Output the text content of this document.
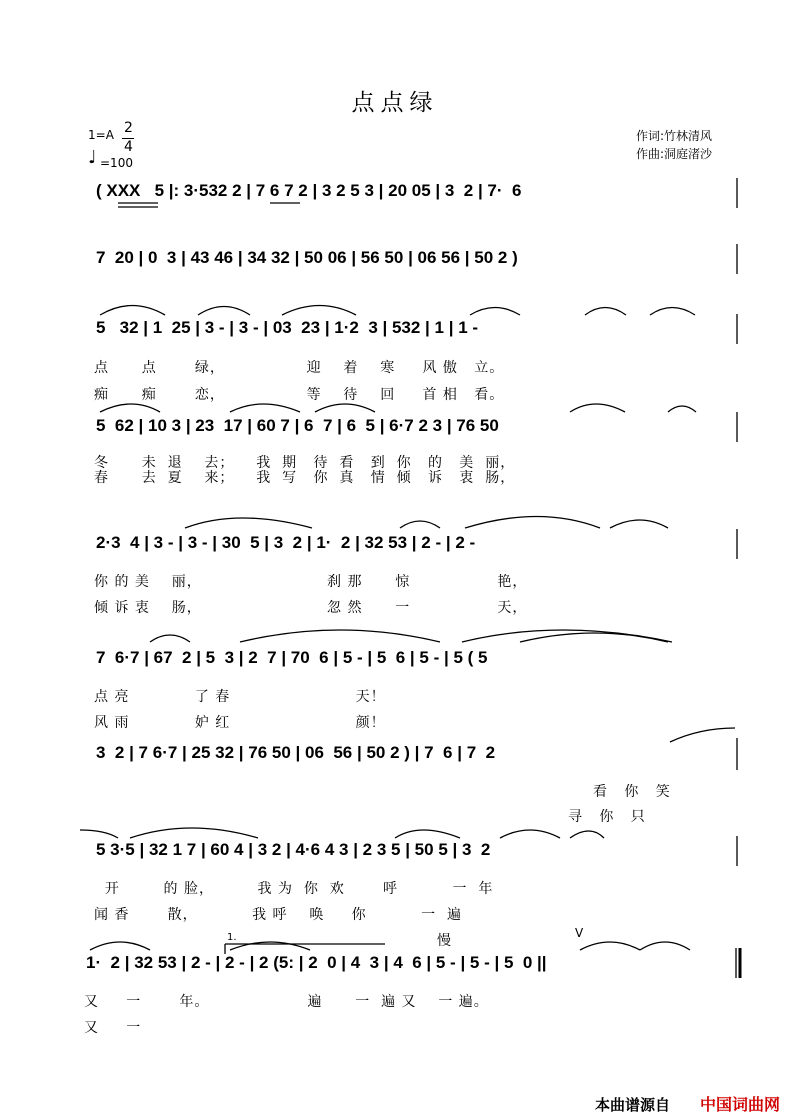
点点绿
1=A 2
4
♩ =100
作词:竹林清风
作曲:洞庭渚沙
( XXX   5 |: 3·532 2 | 7 6 7 2 | 3 2 5 3 | 20 05 | 3  2 | 7·  6
7  20 | 0  3 | 43 46 | 34 32 | 50 06 | 56 50 | 06 56 | 50 2 )
5   32 | 1  25 | 3 - | 3 - | 03  23 | 1·2  3 | 532 | 1 | 1 -
点      点       绿，               迎    着    寒     风 傲   立。
痴      痴       恋，               等    待    回     首 相   看。
5  62 | 10 3 | 23  17 | 60 7 | 6  7 | 6  5 | 6·7 2 3 | 76 50
冬      未  退    去；    我  期   待  看   到  你   的   美  丽，
春      去  夏    来；    我  写   你  真   情  倾   诉   衷  肠，
2·3  4 | 3 - | 3 - | 30  5 | 3  2 | 1·  2 | 32 53 | 2 - | 2 -
你 的 美    丽，                       刹 那      惊                艳，
倾 诉 衷    肠，                       忽 然      一                天，
7  6·7 | 67  2 | 5  3 | 2  7 | 70  6 | 5 - | 5  6 | 5 - | 5 ( 5
点 亮            了 春                       天！
风 雨            妒 红                       颜！
3  2 | 7 6·7 | 25 32 | 76 50 | 06  56 | 50 2 ) | 7  6 | 7  2
看   你   笑
寻   你   只
5 3·5 | 32 1 7 | 60 4 | 3 2 | 4·6 4 3 | 2 3 5 | 50 5 | 3  2
开        的 脸，        我 为  你  欢       呼          一  年
闻 香       散，          我 呼    唤     你          一  遍
1.	慢	V
1·  2 | 32 53 | 2 - | 2 - | 2 (5: | 2  0 | 4  3 | 4  6 | 5 - | 5 - | 5  0 ||
又     一       年。                  遍      一  遍 又    一 遍。
又     一
本曲谱源自 中国词曲网
